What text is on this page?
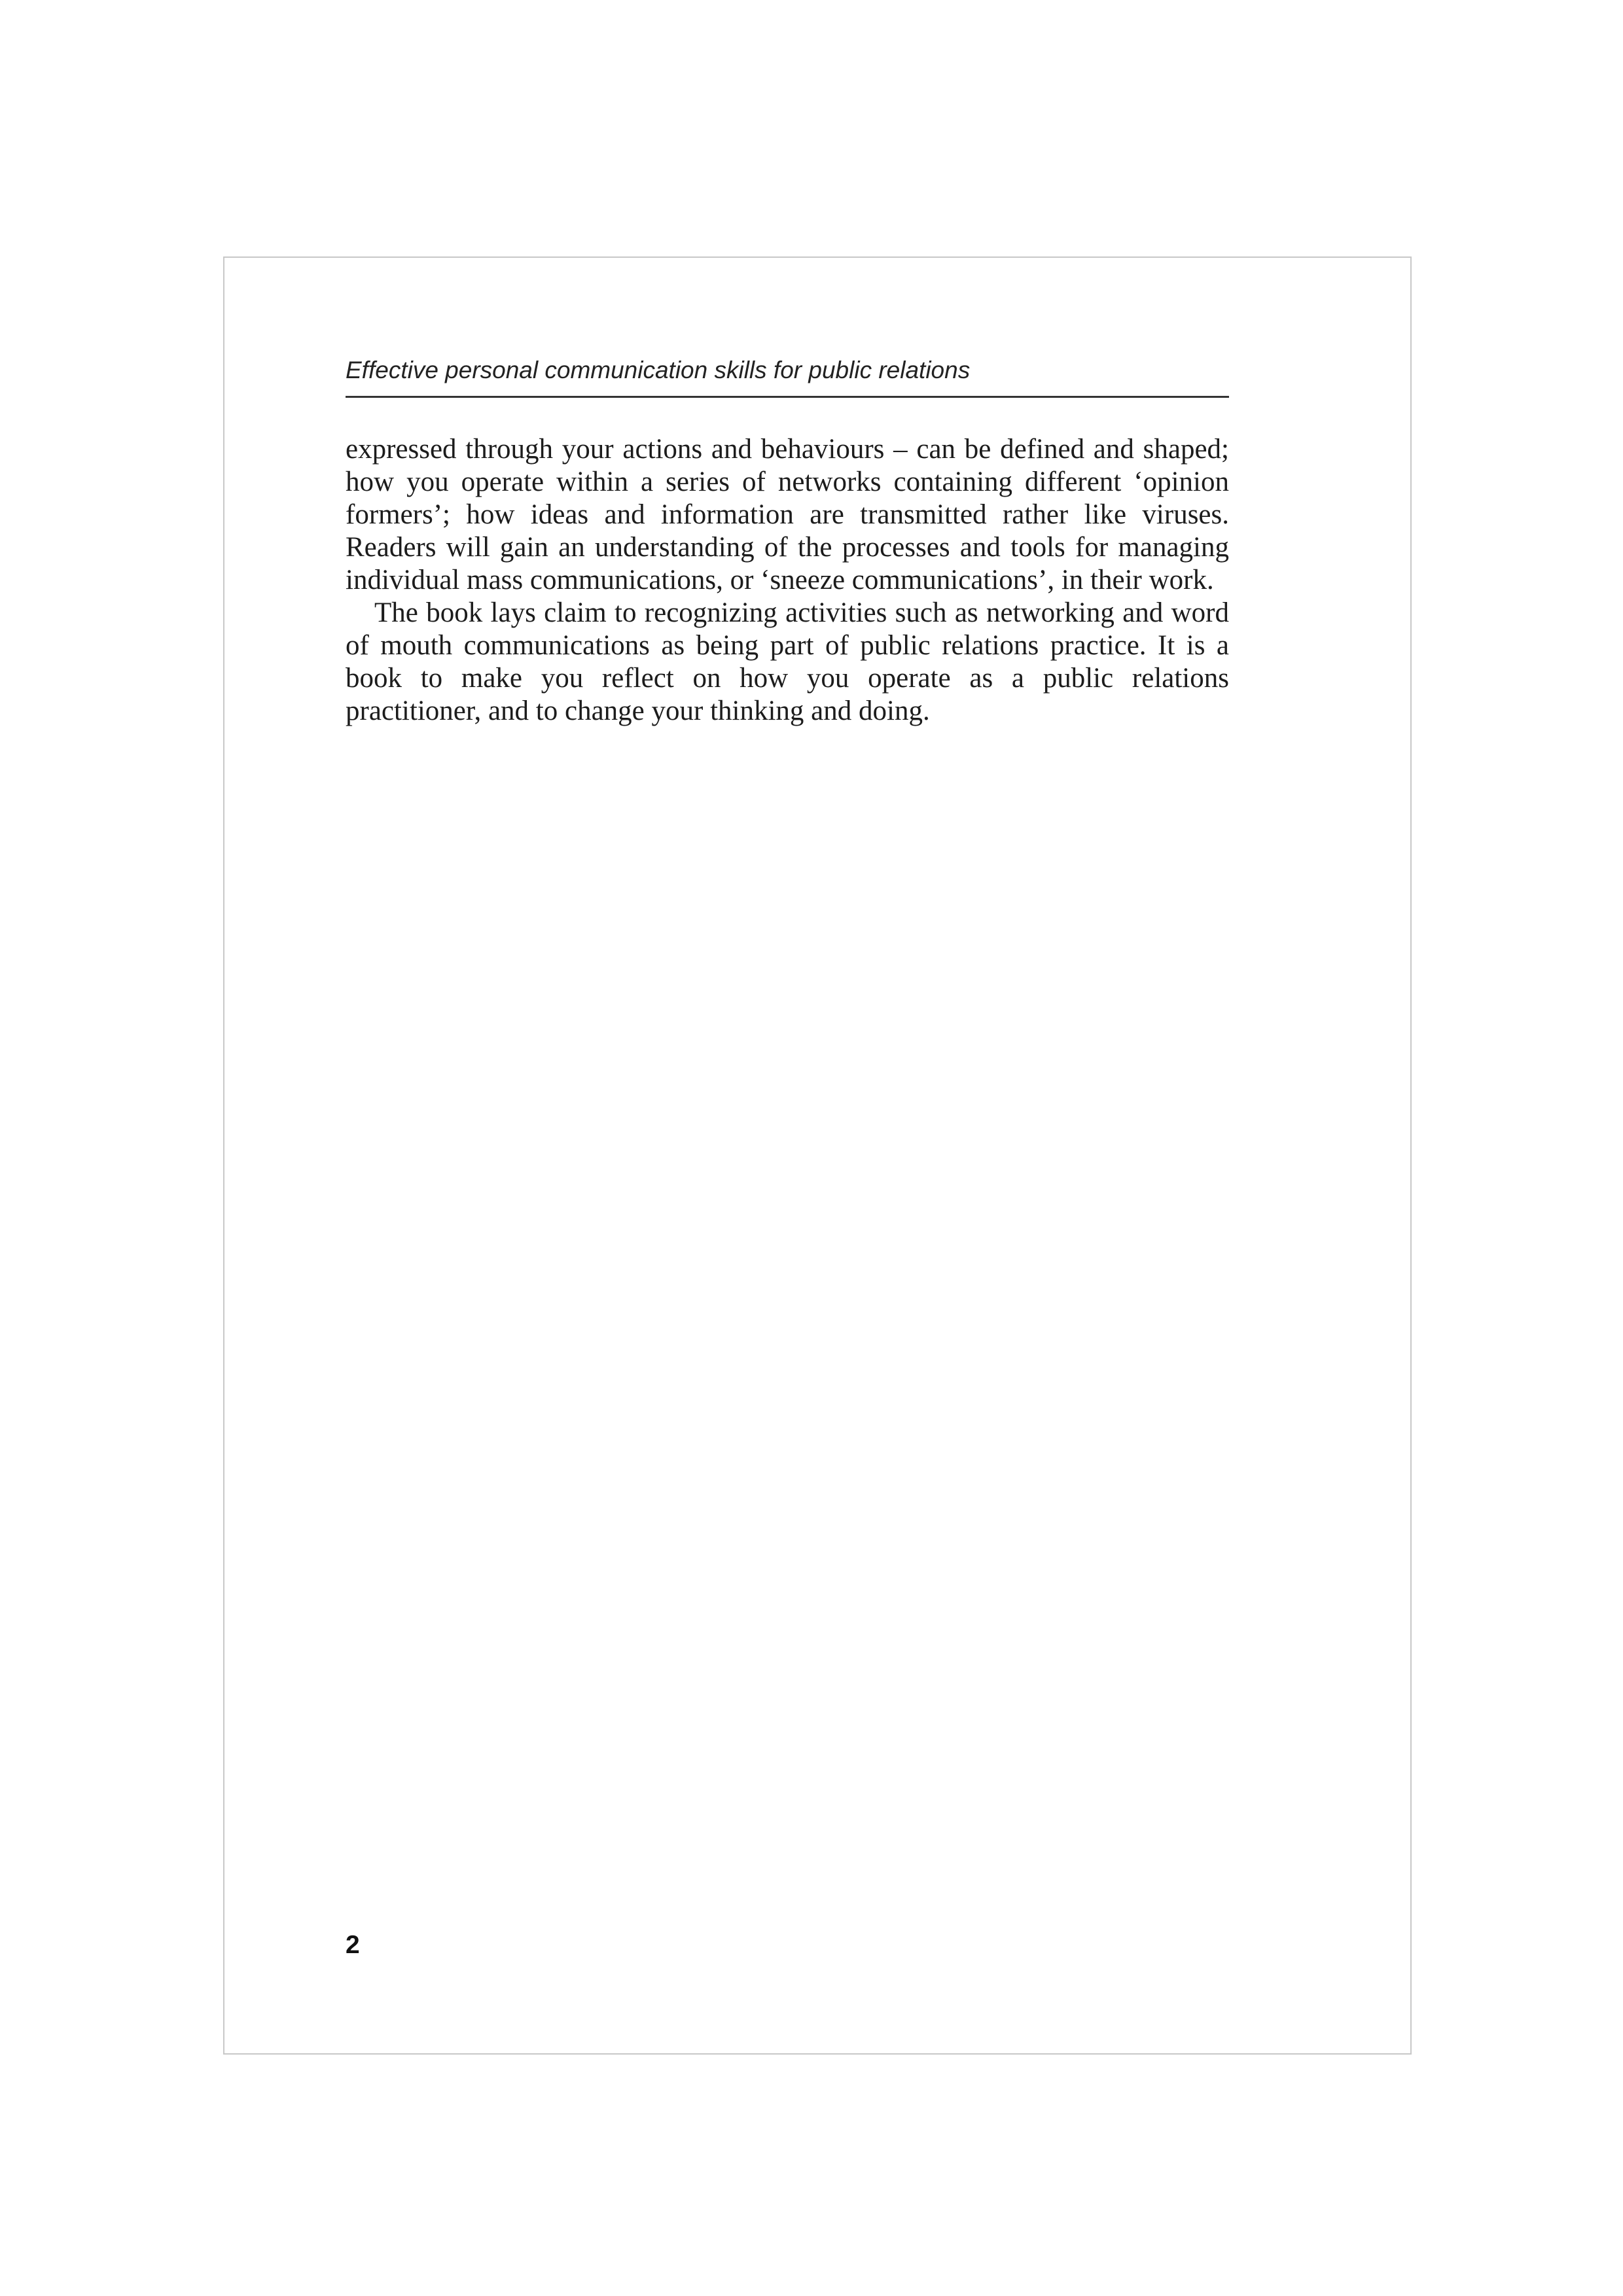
Effective personal communication skills for public relations

expressed through your actions and behaviours – can be defined and shaped; how you operate within a series of networks containing different ‘opinion formers’; how ideas and information are transmitted rather like viruses. Readers will gain an understanding of the processes and tools for managing individual mass communications, or ‘sneeze communications’, in their work.

The book lays claim to recognizing activities such as networking and word of mouth communications as being part of public relations practice. It is a book to make you reflect on how you operate as a public relations practitioner, and to change your thinking and doing.

2
